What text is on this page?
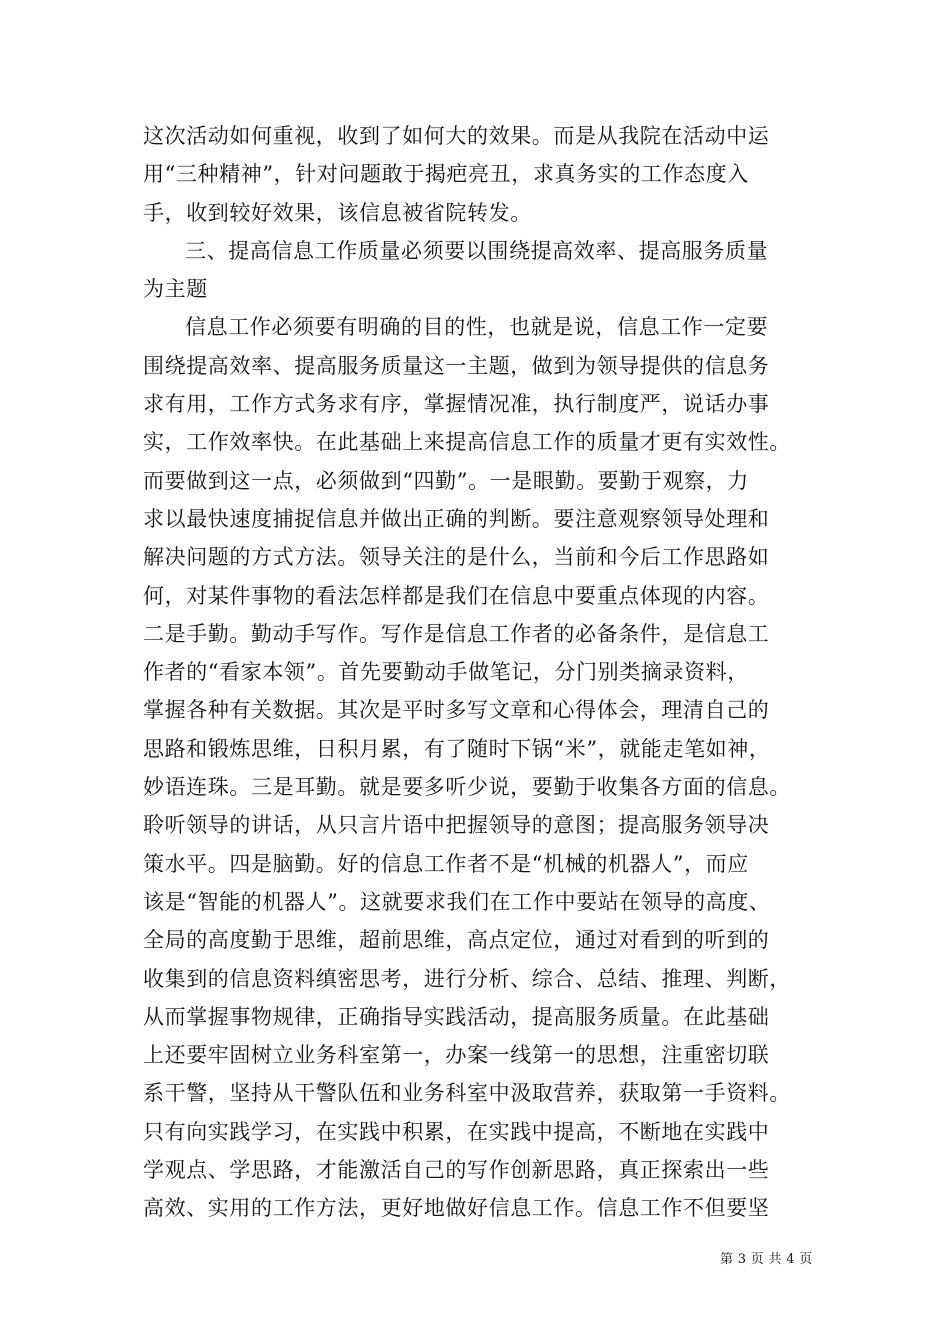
这次活动如何重视，收到了如何大的效果。而是从我院在活动中运
用“三种精神”，针对问题敢于揭疤亮丑，求真务实的工作态度入
手，收到较好效果，该信息被省院转发。
三、提高信息工作质量必须要以围绕提高效率、提高服务质量
为主题
信息工作必须要有明确的目的性，也就是说，信息工作一定要
围绕提高效率、提高服务质量这一主题，做到为领导提供的信息务
求有用，工作方式务求有序，掌握情况准，执行制度严，说话办事
实，工作效率快。在此基础上来提高信息工作的质量才更有实效性。
而要做到这一点，必须做到“四勤”。一是眼勤。要勤于观察，力
求以最快速度捕捉信息并做出正确的判断。要注意观察领导处理和
解决问题的方式方法。领导关注的是什么，当前和今后工作思路如
何，对某件事物的看法怎样都是我们在信息中要重点体现的内容。
二是手勤。勤动手写作。写作是信息工作者的必备条件，是信息工
作者的“看家本领”。首先要勤动手做笔记，分门别类摘录资料，
掌握各种有关数据。其次是平时多写文章和心得体会，理清自己的
思路和锻炼思维，日积月累，有了随时下锅“米”，就能走笔如神，
妙语连珠。三是耳勤。就是要多听少说，要勤于收集各方面的信息。
聆听领导的讲话，从只言片语中把握领导的意图；提高服务领导决
策水平。四是脑勤。好的信息工作者不是“机械的机器人”，而应
该是“智能的机器人”。这就要求我们在工作中要站在领导的高度、
全局的高度勤于思维，超前思维，高点定位，通过对看到的听到的
收集到的信息资料缜密思考，进行分析、综合、总结、推理、判断，
从而掌握事物规律，正确指导实践活动，提高服务质量。在此基础
上还要牢固树立业务科室第一，办案一线第一的思想，注重密切联
系干警，坚持从干警队伍和业务科室中汲取营养，获取第一手资料。
只有向实践学习，在实践中积累，在实践中提高，不断地在实践中
学观点、学思路，才能激活自己的写作创新思路，真正探索出一些
高效、实用的工作方法，更好地做好信息工作。信息工作不但要坚
第 3 页 共 4 页
